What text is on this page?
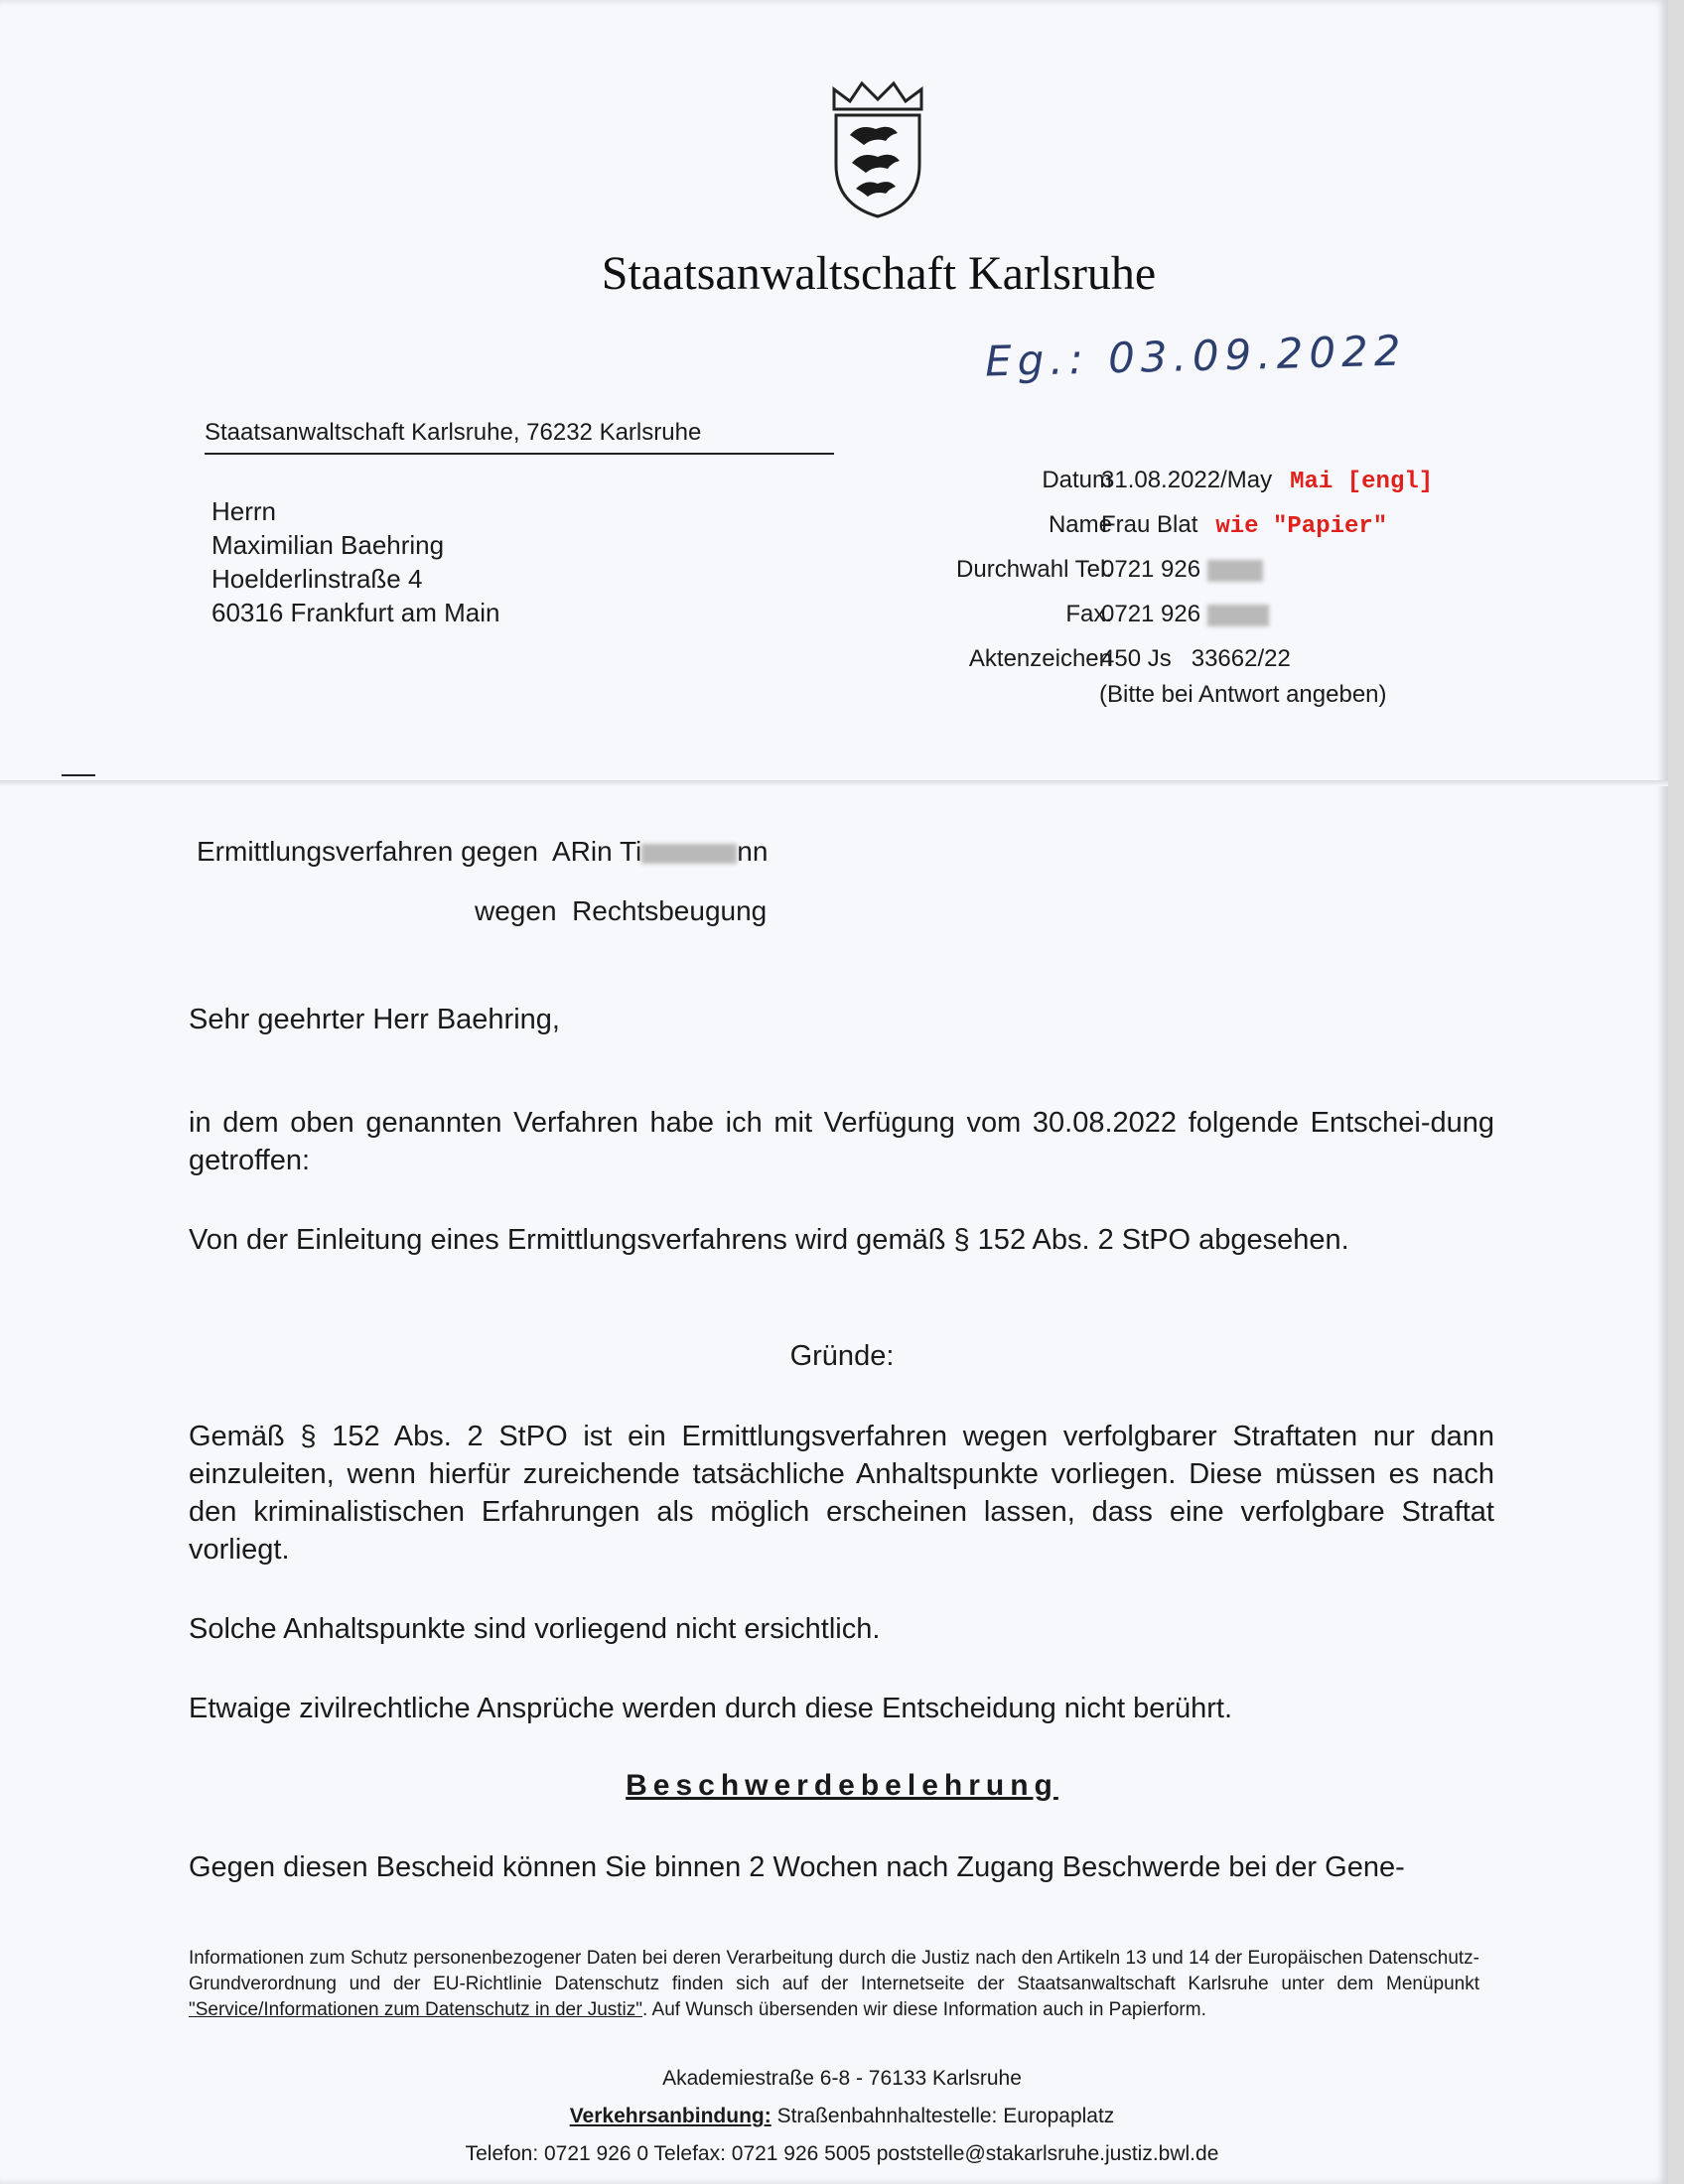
Staatsanwaltschaft Karlsruhe
Eg.: 03.09.2022
Staatsanwaltschaft Karlsruhe, 76232 Karlsruhe
Herrn
Maximilian Baehring
Hoelderlinstraße 4
60316 Frankfurt am Main
Datum
31.08.2022/May Mai [engl]
Name
Frau Blat wie "Papier"
Durchwahl Tel.
0721 926
Fax.
0721 926
Aktenzeichen
450 Js   33662/22
(Bitte bei Antwort angeben)
Ermittlungsverfahren gegen ARin Ti	nn
wegen Rechtsbeugung
Sehr geehrter Herr Baehring,
in dem oben genannten Verfahren habe ich mit Verfügung vom 30.08.2022 folgende Entschei-dung getroffen:
Von der Einleitung eines Ermittlungsverfahrens wird gemäß § 152 Abs. 2 StPO abgesehen.
Gründe:
Gemäß § 152 Abs. 2 StPO ist ein Ermittlungsverfahren wegen verfolgbarer Straftaten nur dann einzuleiten, wenn hierfür zureichende tatsächliche Anhaltspunkte vorliegen. Diese müssen es nach den kriminalistischen Erfahrungen als möglich erscheinen lassen, dass eine verfolgbare Straftat vorliegt.
Solche Anhaltspunkte sind vorliegend nicht ersichtlich.
Etwaige zivilrechtliche Ansprüche werden durch diese Entscheidung nicht berührt.
Beschwerdebelehrung
Gegen diesen Bescheid können Sie binnen 2 Wochen nach Zugang Beschwerde bei der Gene-
Informationen zum Schutz personenbezogener Daten bei deren Verarbeitung durch die Justiz nach den Artikeln 13 und 14 der Europäischen Datenschutz-Grundverordnung und der EU-Richtlinie Datenschutz finden sich auf der Internetseite der Staatsanwaltschaft Karlsruhe unter dem Menüpunkt "Service/Informationen zum Datenschutz in der Justiz". Auf Wunsch übersenden wir diese Information auch in Papierform.
Akademiestraße 6-8 - 76133 Karlsruhe
Verkehrsanbindung: Straßenbahnhaltestelle: Europaplatz
Telefon: 0721 926 0 Telefax: 0721 926 5005 poststelle@stakarlsruhe.justiz.bwl.de
